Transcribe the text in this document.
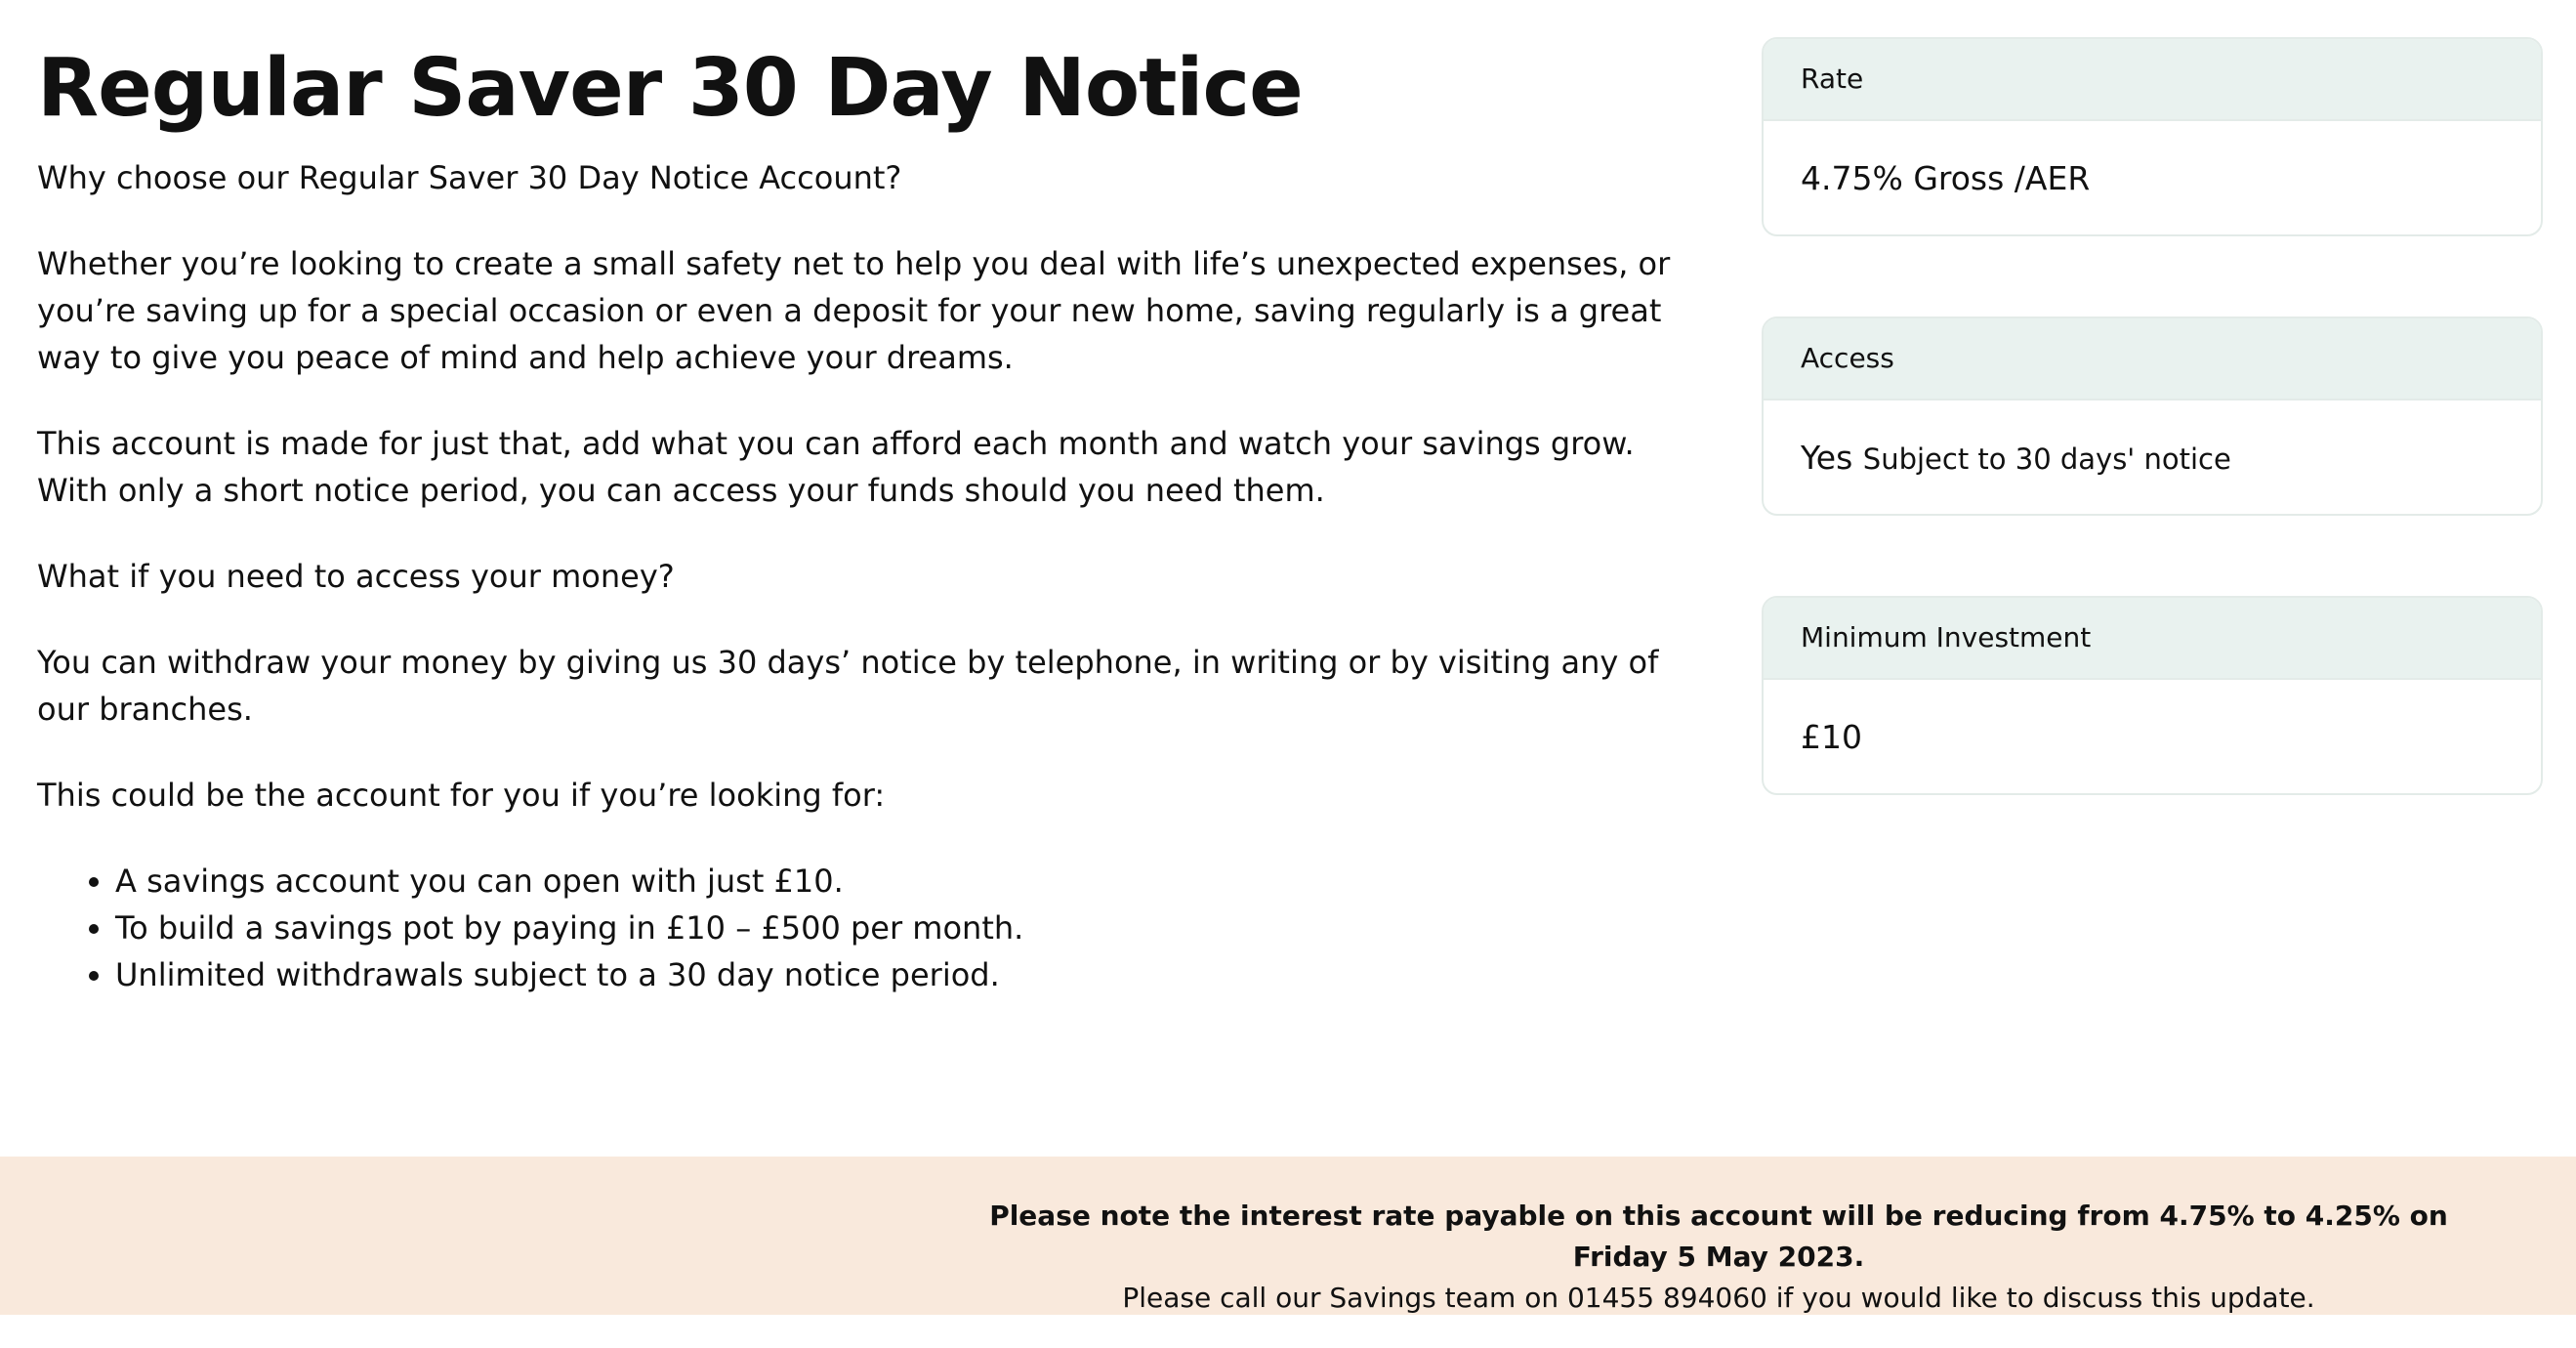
Regular Saver 30 Day Notice

Why choose our Regular Saver 30 Day Notice Account?

Whether you’re looking to create a small safety net to help you deal with life’s unexpected expenses, or you’re saving up for a special occasion or even a deposit for your new home, saving regularly is a great way to give you peace of mind and help achieve your dreams.

This account is made for just that, add what you can afford each month and watch your savings grow. With only a short notice period, you can access your funds should you need them.

What if you need to access your money?

You can withdraw your money by giving us 30 days’ notice by telephone, in writing or by visiting any of our branches.

This could be the account for you if you’re looking for:

• A savings account you can open with just £10.
• To build a savings pot by paying in £10 – £500 per month.
• Unlimited withdrawals subject to a 30 day notice period.
Rate
4.75% Gross /AER
Access
Yes Subject to 30 days' notice
Minimum Investment
£10
Please note the interest rate payable on this account will be reducing from 4.75% to 4.25% on Friday 5 May 2023.
Please call our Savings team on 01455 894060 if you would like to discuss this update.
